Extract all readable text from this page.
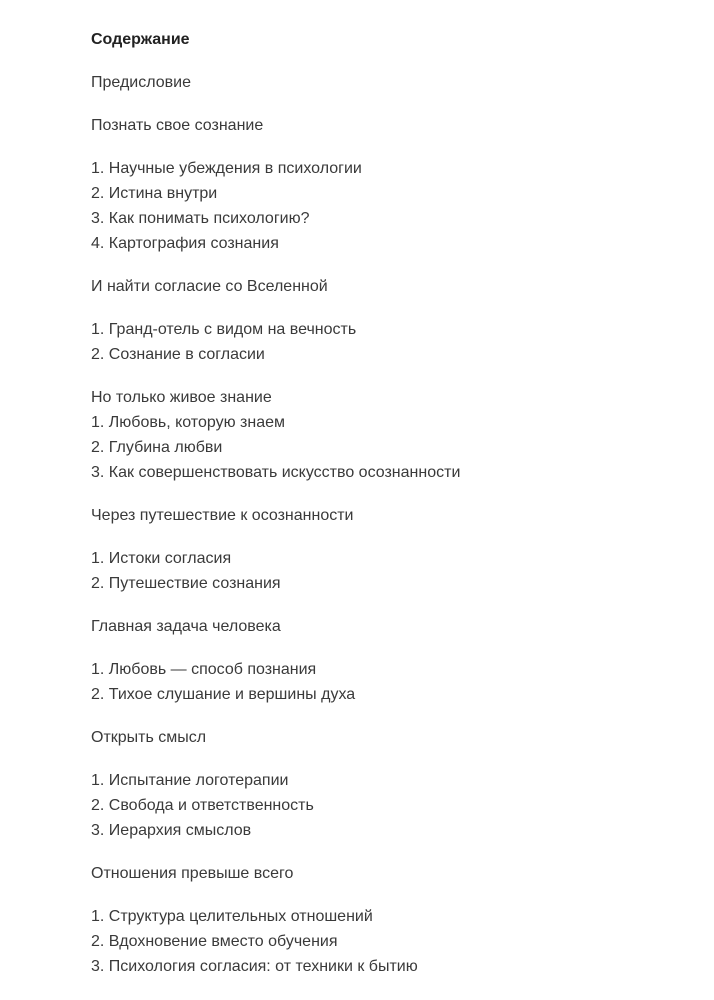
Содержание
Предисловие
Познать свое сознание
1. Научные убеждения в психологии
2. Истина внутри
3. Как понимать психологию?
4. Картография сознания
И найти согласие со Вселенной
1. Гранд-отель с видом на вечность
2. Сознание в согласии
Но только живое знание
1. Любовь, которую знаем
2. Глубина любви
3. Как совершенствовать искусство осознанности
Через путешествие к осознанности
1. Истоки согласия
2. Путешествие сознания
Главная задача человека
1. Любовь — способ познания
2. Тихое слушание и вершины духа
Открыть смысл
1. Испытание логотерапии
2. Свобода и ответственность
3. Иерархия смыслов
Отношения превыше всего
1. Структура целительных отношений
2. Вдохновение вместо обучения
3. Психология согласия: от техники к бытию
